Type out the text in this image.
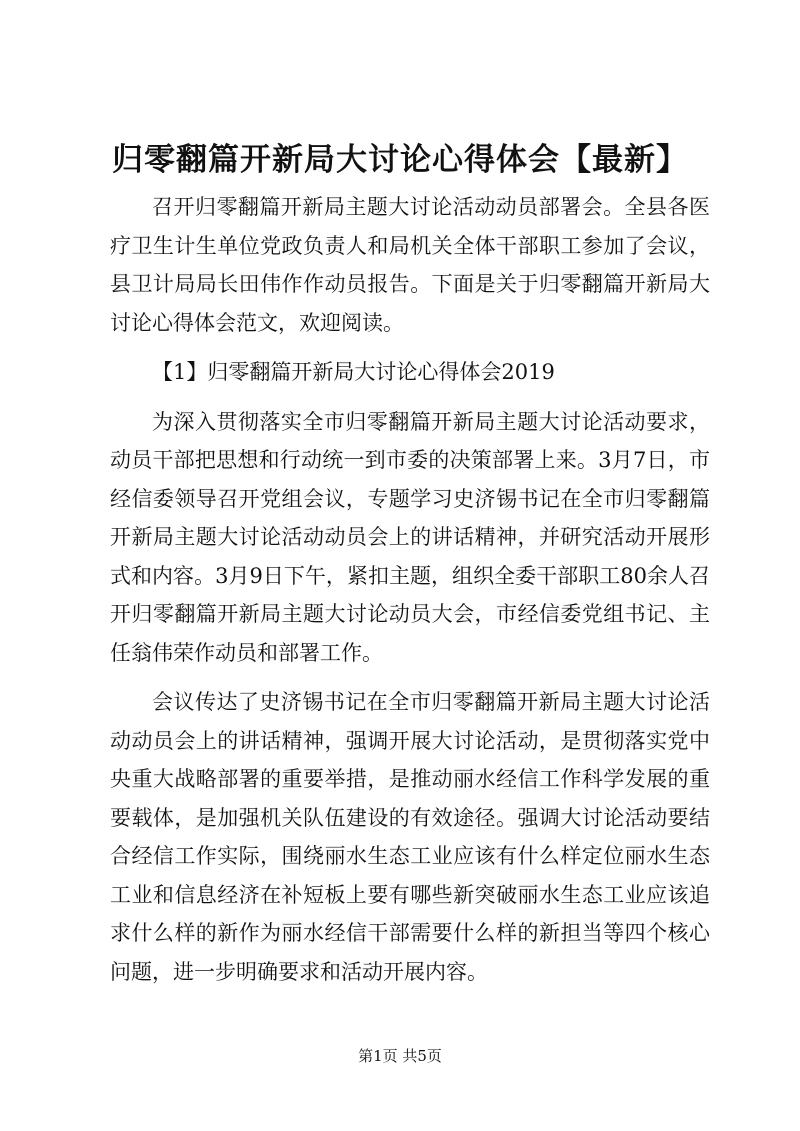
归零翻篇开新局大讨论心得体会【最新】

召开归零翻篇开新局主题大讨论活动动员部署会。全县各医疗卫生计生单位党政负责人和局机关全体干部职工参加了会议，县卫计局局长田伟作作动员报告。下面是关于归零翻篇开新局大讨论心得体会范文，欢迎阅读。

【1】归零翻篇开新局大讨论心得体会2019

为深入贯彻落实全市归零翻篇开新局主题大讨论活动要求，动员干部把思想和行动统一到市委的决策部署上来。3月7日，市经信委领导召开党组会议，专题学习史济锡书记在全市归零翻篇开新局主题大讨论活动动员会上的讲话精神，并研究活动开展形式和内容。3月9日下午，紧扣主题，组织全委干部职工80余人召开归零翻篇开新局主题大讨论动员大会，市经信委党组书记、主任翁伟荣作动员和部署工作。

会议传达了史济锡书记在全市归零翻篇开新局主题大讨论活动动员会上的讲话精神，强调开展大讨论活动，是贯彻落实党中央重大战略部署的重要举措，是推动丽水经信工作科学发展的重要载体，是加强机关队伍建设的有效途径。强调大讨论活动要结合经信工作实际，围绕丽水生态工业应该有什么样定位丽水生态工业和信息经济在补短板上要有哪些新突破丽水生态工业应该追求什么样的新作为丽水经信干部需要什么样的新担当等四个核心问题，进一步明确要求和活动开展内容。

第1页 共5页
